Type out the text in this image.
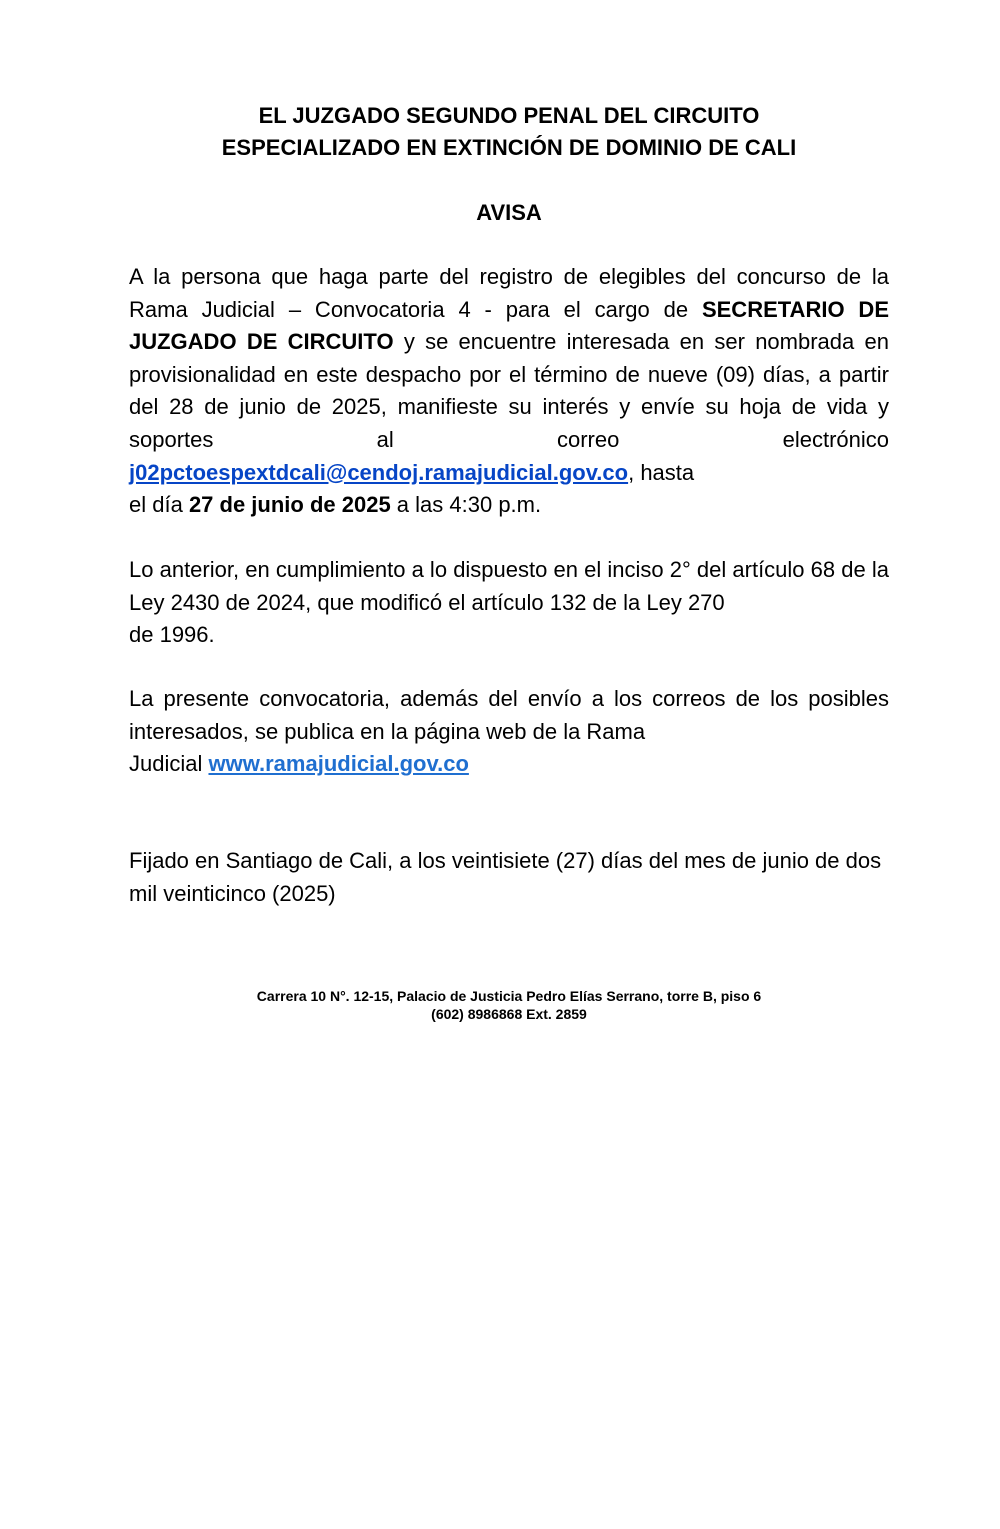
EL JUZGADO SEGUNDO PENAL DEL CIRCUITO
ESPECIALIZADO EN EXTINCIÓN DE DOMINIO DE CALI
AVISA
A la persona que haga parte del registro de elegibles del concurso de la Rama Judicial – Convocatoria 4 - para el cargo de SECRETARIO DE JUZGADO DE CIRCUITO y se encuentre interesada en ser nombrada en provisionalidad en este despacho por el término de nueve (09) días, a partir del 28 de junio de 2025, manifieste su interés y envíe su hoja de vida y soportes al correo electrónico j02pctoespextdcali@cendoj.ramajudicial.gov.co, hasta
el día 27 de junio de 2025 a las 4:30 p.m.
Lo anterior, en cumplimiento a lo dispuesto en el inciso 2° del artículo 68 de la Ley 2430 de 2024, que modificó el artículo 132 de la Ley 270
de 1996.
La presente convocatoria, además del envío a los correos de los posibles interesados, se publica en la página web de la Rama
Judicial www.ramajudicial.gov.co
Fijado en Santiago de Cali, a los veintisiete (27) días del mes de junio de dos mil veinticinco (2025)
Carrera 10 N°. 12-15, Palacio de Justicia Pedro Elías Serrano, torre B, piso 6
(602) 8986868 Ext. 2859
